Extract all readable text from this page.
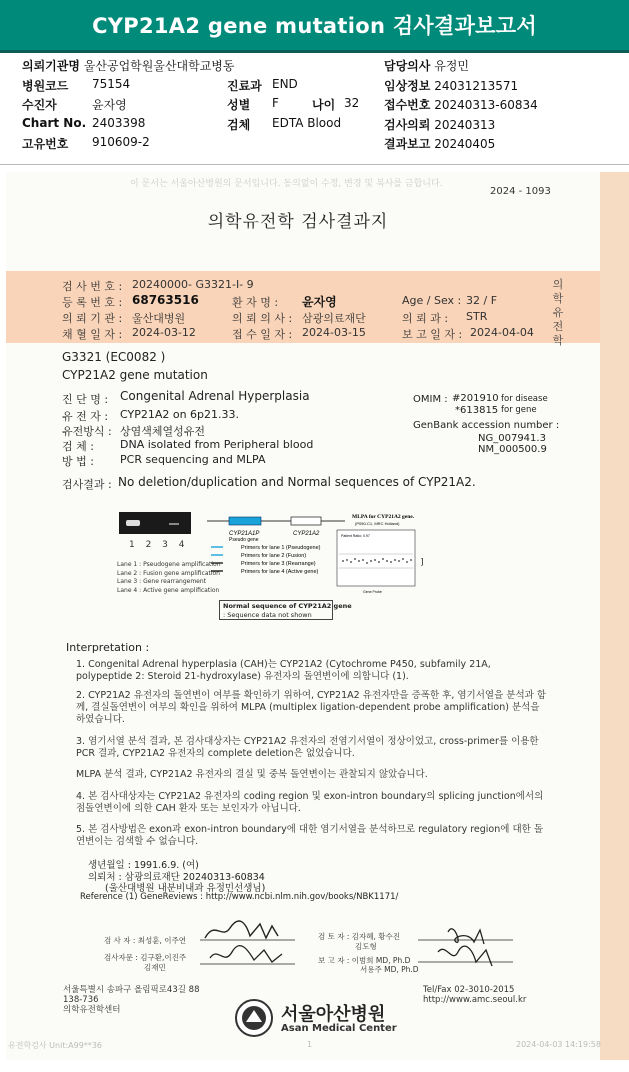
CYP21A2 gene mutation 검사결과보고서
의뢰기관명 울산공업학원울산대학교병동
병원코드 75154
수진자	윤자영
Chart No. 2403398
고유번호 910609-2
진료과 END
성별 F	나이 32
검체 EDTA Blood
담당의사 유정민
임상정보 24031213571
접수번호 20240313-60834
검사의뢰 20240313
결과보고 20240405
이 문서는 서울아산병원의 문서입니다. 동의없이 수정, 변경 및 복사를 금합니다.
2024 - 1093
의학유전학 검사결과지
검 사 번 호 : 20240000- G3321-I- 9
등 록 번 호 : 68763516	환 자 명 : 윤자영	Age / Sex : 32 / F
의 뢰 기 관 : 울산대병원	의 뢰 의 사 : 삼광의료재단	의 뢰 과 : STR
채 혈 일 자 : 2024-03-12	접 수 일 자 : 2024-03-15	보 고 일 자 : 2024-04-04
의학유전학
G3321 (EC0082 )
CYP21A2 gene mutation
진 단 명 : Congenital Adrenal Hyperplasia
유 전 자 : CYP21A2 on 6p21.33.
유전방식 : 상염색체열성유전
검 체 : DNA isolated from Peripheral blood
방 법 : PCR sequencing and MLPA
OMIM : #201910 for disease
*613815 for gene
GenBank accession number :
NG_007941.3
NM_000500.9
검사결과 : No deletion/duplication and Normal sequences of CYP21A2.
1 2 3 4
Lane 1 : Pseudogene amplification
Lane 2 : Fusion gene amplification
Lane 3 : Gene rearrangement
Lane 4 : Active gene amplification
CYP21A1P
Pseudo gene
CYP21A2
Primers for lane 1 (Pseudogene)
Primers for lane 2 (Fusion)
Primers for lane 3 (Rearrange)
Primers for lane 4 (Active gene)
MLPA for CYP21A2 gene.
(P050-C1, MRC Holland)
Patient Ratio: 0.97
Gene Probe
]
Normal sequence of CYP21A2 gene
: Sequence data not shown
Interpretation :
1. Congenital Adrenal hyperplasia (CAH)는 CYP21A2 (Cytochrome P450, subfamily 21A, polypeptide 2: Steroid 21-hydroxylase) 유전자의 돌연변이에 의합니다 (1).
2. CYP21A2 유전자의 돌연변이 여부를 확인하기 위하여, CYP21A2 유전자만을 증폭한 후, 염기서열을 분석과 함께, 결실돌연변이 여부의 확인을 위하여 MLPA (multiplex ligation-dependent probe amplification) 분석을 하였습니다.
3. 염기서열 분석 결과, 본 검사대상자는 CYP21A2 유전자의 전염기서열이 정상이었고, cross-primer를 이용한 PCR 결과, CYP21A2 유전자의 complete deletion은 없었습니다.
MLPA 분석 결과, CYP21A2 유전자의 결실 및 중복 돌연변이는 관찰되지 않았습니다.
4. 본 검사대상자는 CYP21A2 유전자의 coding region 및 exon-intron boundary의 splicing junction에서의 점돌연변이에 의한 CAH 환자 또는 보인자가 아닙니다.
5. 본 검사방법은 exon과 exon-intron boundary에 대한 염기서열을 분석하므로 regulatory region에 대한 돌연변이는 검색할 수 없습니다.
생년월일 : 1991.6.9. (여)
의뢰처 : 삼광의료재단 20240313-60834
(울산대병원 내분비내과 유정민선생님)
Reference (1) GeneReviews : http://www.ncbi.nlm.nih.gov/books/NBK1171/
검 사 자 : 최성훈, 이주연	검 토 자 : 김자혜, 황수진
김도형
검사자문 : 김구환,이진주
김재민
보 고 자 : 이범희 MD, Ph.D
서용주 MD, Ph.D
서울특별시 송파구 올림픽로43길 88
138-736
의학유전학센터
Tel/Fax 02-3010-2015
http://www.amc.seoul.kr
서울아산병원
Asan Medical Center
유전학검사 Unit:A99**36	1	2024-04-03 14:19:58
